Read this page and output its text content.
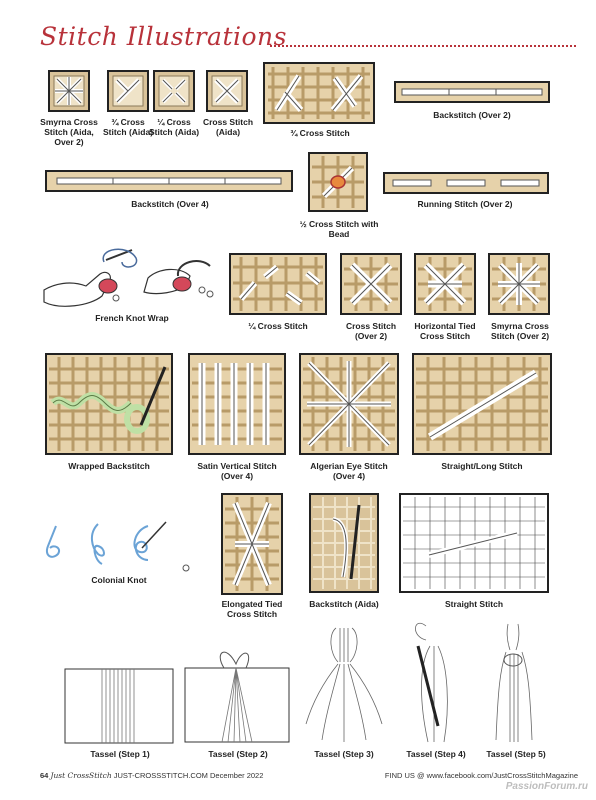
Stitch Illustrations
Smyrna Cross Stitch (Aida, Over 2)
¾ Cross Stitch (Aida)
¼ Cross Stitch (Aida)
Cross Stitch (Aida)	¾ Cross Stitch
Backstitch (Over 2)
Backstitch (Over 4)
½ Cross Stitch with Bead
Running Stitch (Over 2)
French Knot Wrap
¼ Cross Stitch	Cross Stitch (Over 2)
Horizontal Tied Cross Stitch
Smyrna Cross Stitch (Over 2)
Wrapped Backstitch	Satin Vertical Stitch (Over 4)
Algerian Eye Stitch (Over 4)
Straight/Long Stitch
Colonial Knot
Elongated Tied Cross Stitch
Backstitch (Aida)	Straight Stitch
Tassel (Step 1)	Tassel (Step 2)	Tassel (Step 3)	Tassel (Step 4)	Tassel (Step 5)
64 Just CrossStitch JUST-CROSSSTITCH.COM December 2022	FIND US @ www.facebook.com/JustCrossStitchMagazine
PassionForum.ru
